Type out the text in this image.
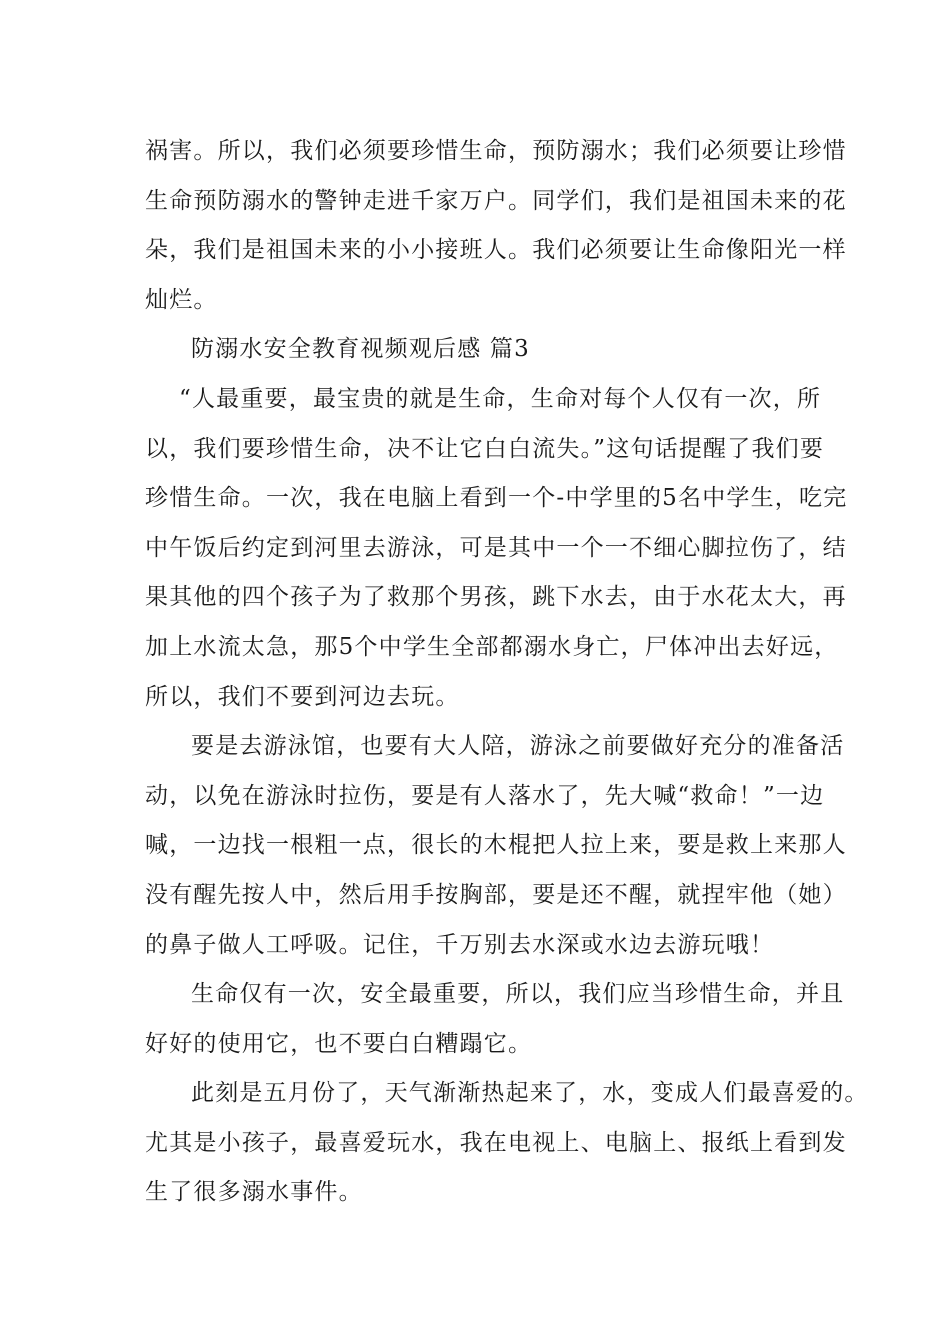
祸害。所以，我们必须要珍惜生命，预防溺水；我们必须要让珍惜
生命预防溺水的警钟走进千家万户。同学们，我们是祖国未来的花
朵，我们是祖国未来的小小接班人。我们必须要让生命像阳光一样
灿烂。
防溺水安全教育视频观后感 篇3
“人最重要，最宝贵的就是生命，生命对每个人仅有一次，所
以，我们要珍惜生命，决不让它白白流失。”这句话提醒了我们要
珍惜生命。一次，我在电脑上看到一个-中学里的5名中学生，吃完
中午饭后约定到河里去游泳，可是其中一个一不细心脚拉伤了，结
果其他的四个孩子为了救那个男孩，跳下水去，由于水花太大，再
加上水流太急，那5个中学生全部都溺水身亡，尸体冲出去好远，
所以，我们不要到河边去玩。
要是去游泳馆，也要有大人陪，游泳之前要做好充分的准备活
动，以免在游泳时拉伤，要是有人落水了，先大喊“救命！”一边
喊，一边找一根粗一点，很长的木棍把人拉上来，要是救上来那人
没有醒先按人中，然后用手按胸部，要是还不醒，就捏牢他（她）
的鼻子做人工呼吸。记住，千万别去水深或水边去游玩哦！
生命仅有一次，安全最重要，所以，我们应当珍惜生命，并且
好好的使用它，也不要白白糟蹋它。
此刻是五月份了，天气渐渐热起来了，水，变成人们最喜爱的。
尤其是小孩子，最喜爱玩水，我在电视上、电脑上、报纸上看到发
生了很多溺水事件。
